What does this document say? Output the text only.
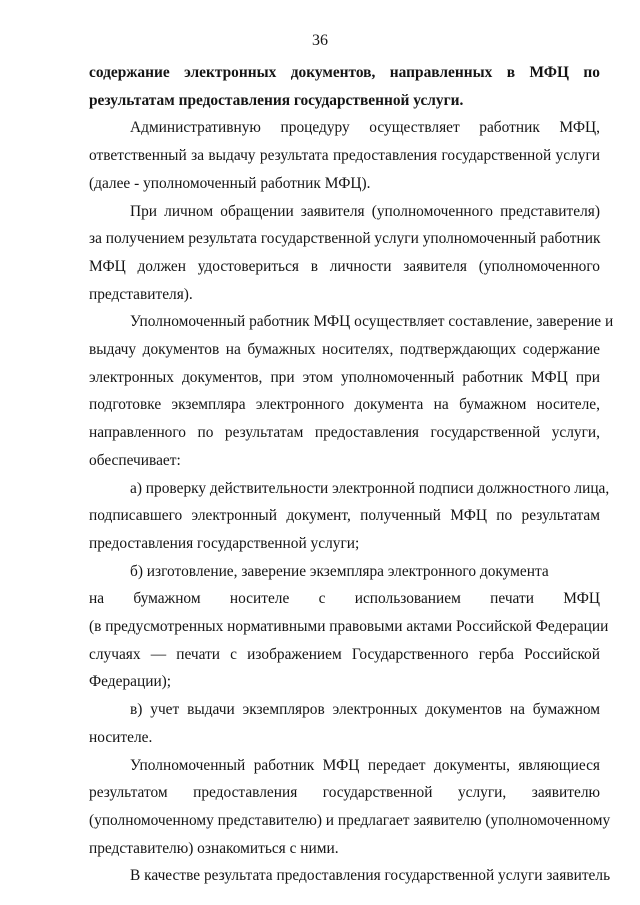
36
содержание электронных документов, направленных в МФЦ по
результатам предоставления государственной услуги.
Административную процедуру осуществляет работник МФЦ,
ответственный за выдачу результата предоставления государственной услуги
(далее - уполномоченный работник МФЦ).
При личном обращении заявителя (уполномоченного представителя)
за получением результата государственной услуги уполномоченный работник
МФЦ должен удостовериться в личности заявителя (уполномоченного
представителя).
Уполномоченный работник МФЦ осуществляет составление, заверение и
выдачу документов на бумажных носителях, подтверждающих содержание
электронных документов, при этом уполномоченный работник МФЦ при
подготовке экземпляра электронного документа на бумажном носителе,
направленного по результатам предоставления государственной услуги,
обеспечивает:
а) проверку действительности электронной подписи должностного лица,
подписавшего электронный документ, полученный МФЦ по результатам
предоставления государственной услуги;
б) изготовление, заверение экземпляра электронного документа
на бумажном носителе с использованием печати МФЦ
(в предусмотренных нормативными правовыми актами Российской Федерации
случаях — печати с изображением Государственного герба Российской
Федерации);
в) учет выдачи экземпляров электронных документов на бумажном
носителе.
Уполномоченный работник МФЦ передает документы, являющиеся
результатом предоставления государственной услуги, заявителю
(уполномоченному представителю) и предлагает заявителю (уполномоченному
представителю) ознакомиться с ними.
В качестве результата предоставления государственной услуги заявитель
